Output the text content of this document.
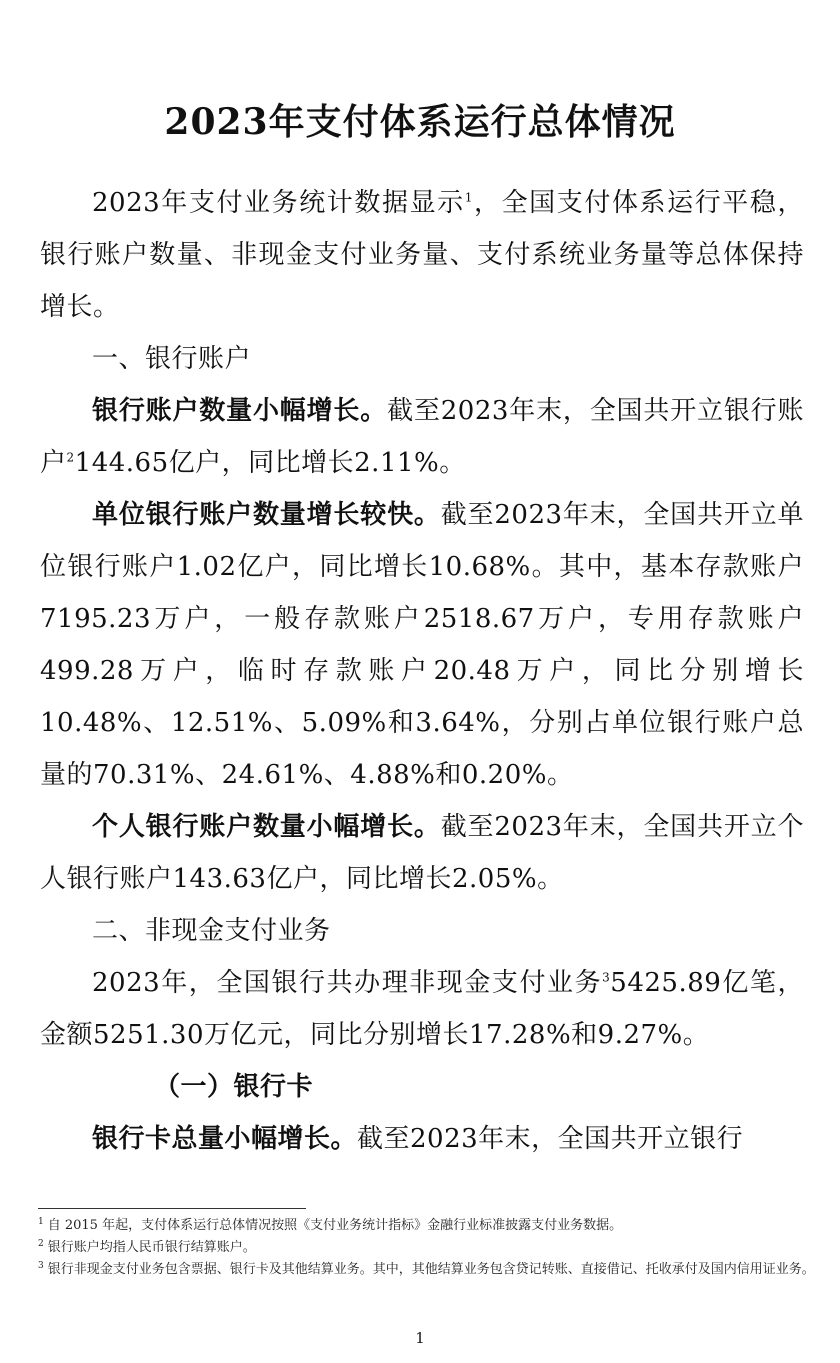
2023年支付体系运行总体情况

2023年支付业务统计数据显示$^1$，全国支付体系运行平稳，银行账户数量、非现金支付业务量、支付系统业务量等总体保持增长。

一、银行账户

银行账户数量小幅增长。截至2023年末，全国共开立银行账户$^2$144.65亿户，同比增长2.11%。

单位银行账户数量增长较快。截至2023年末，全国共开立单位银行账户1.02亿户，同比增长10.68%。其中，基本存款账户7195.23万户，一般存款账户2518.67万户，专用存款账户499.28万户，临时存款账户20.48万户，同比分别增长10.48%、12.51%、5.09%和3.64%，分别占单位银行账户总量的70.31%、24.61%、4.88%和0.20%。

个人银行账户数量小幅增长。截至2023年末，全国共开立个人银行账户143.63亿户，同比增长2.05%。

二、非现金支付业务

2023年，全国银行共办理非现金支付业务$^3$5425.89亿笔，金额5251.30万亿元，同比分别增长17.28%和9.27%。

（一）银行卡

银行卡总量小幅增长。截至2023年末，全国共开立银行

$^1$ 自 2015 年起，支付体系运行总体情况按照《支付业务统计指标》金融行业标准披露支付业务数据。

$^2$ 银行账户均指人民币银行结算账户。

$^3$ 银行非现金支付业务包含票据、银行卡及其他结算业务。其中，其他结算业务包含贷记转账、直接借记、托收承付及国内信用证业务。

1
